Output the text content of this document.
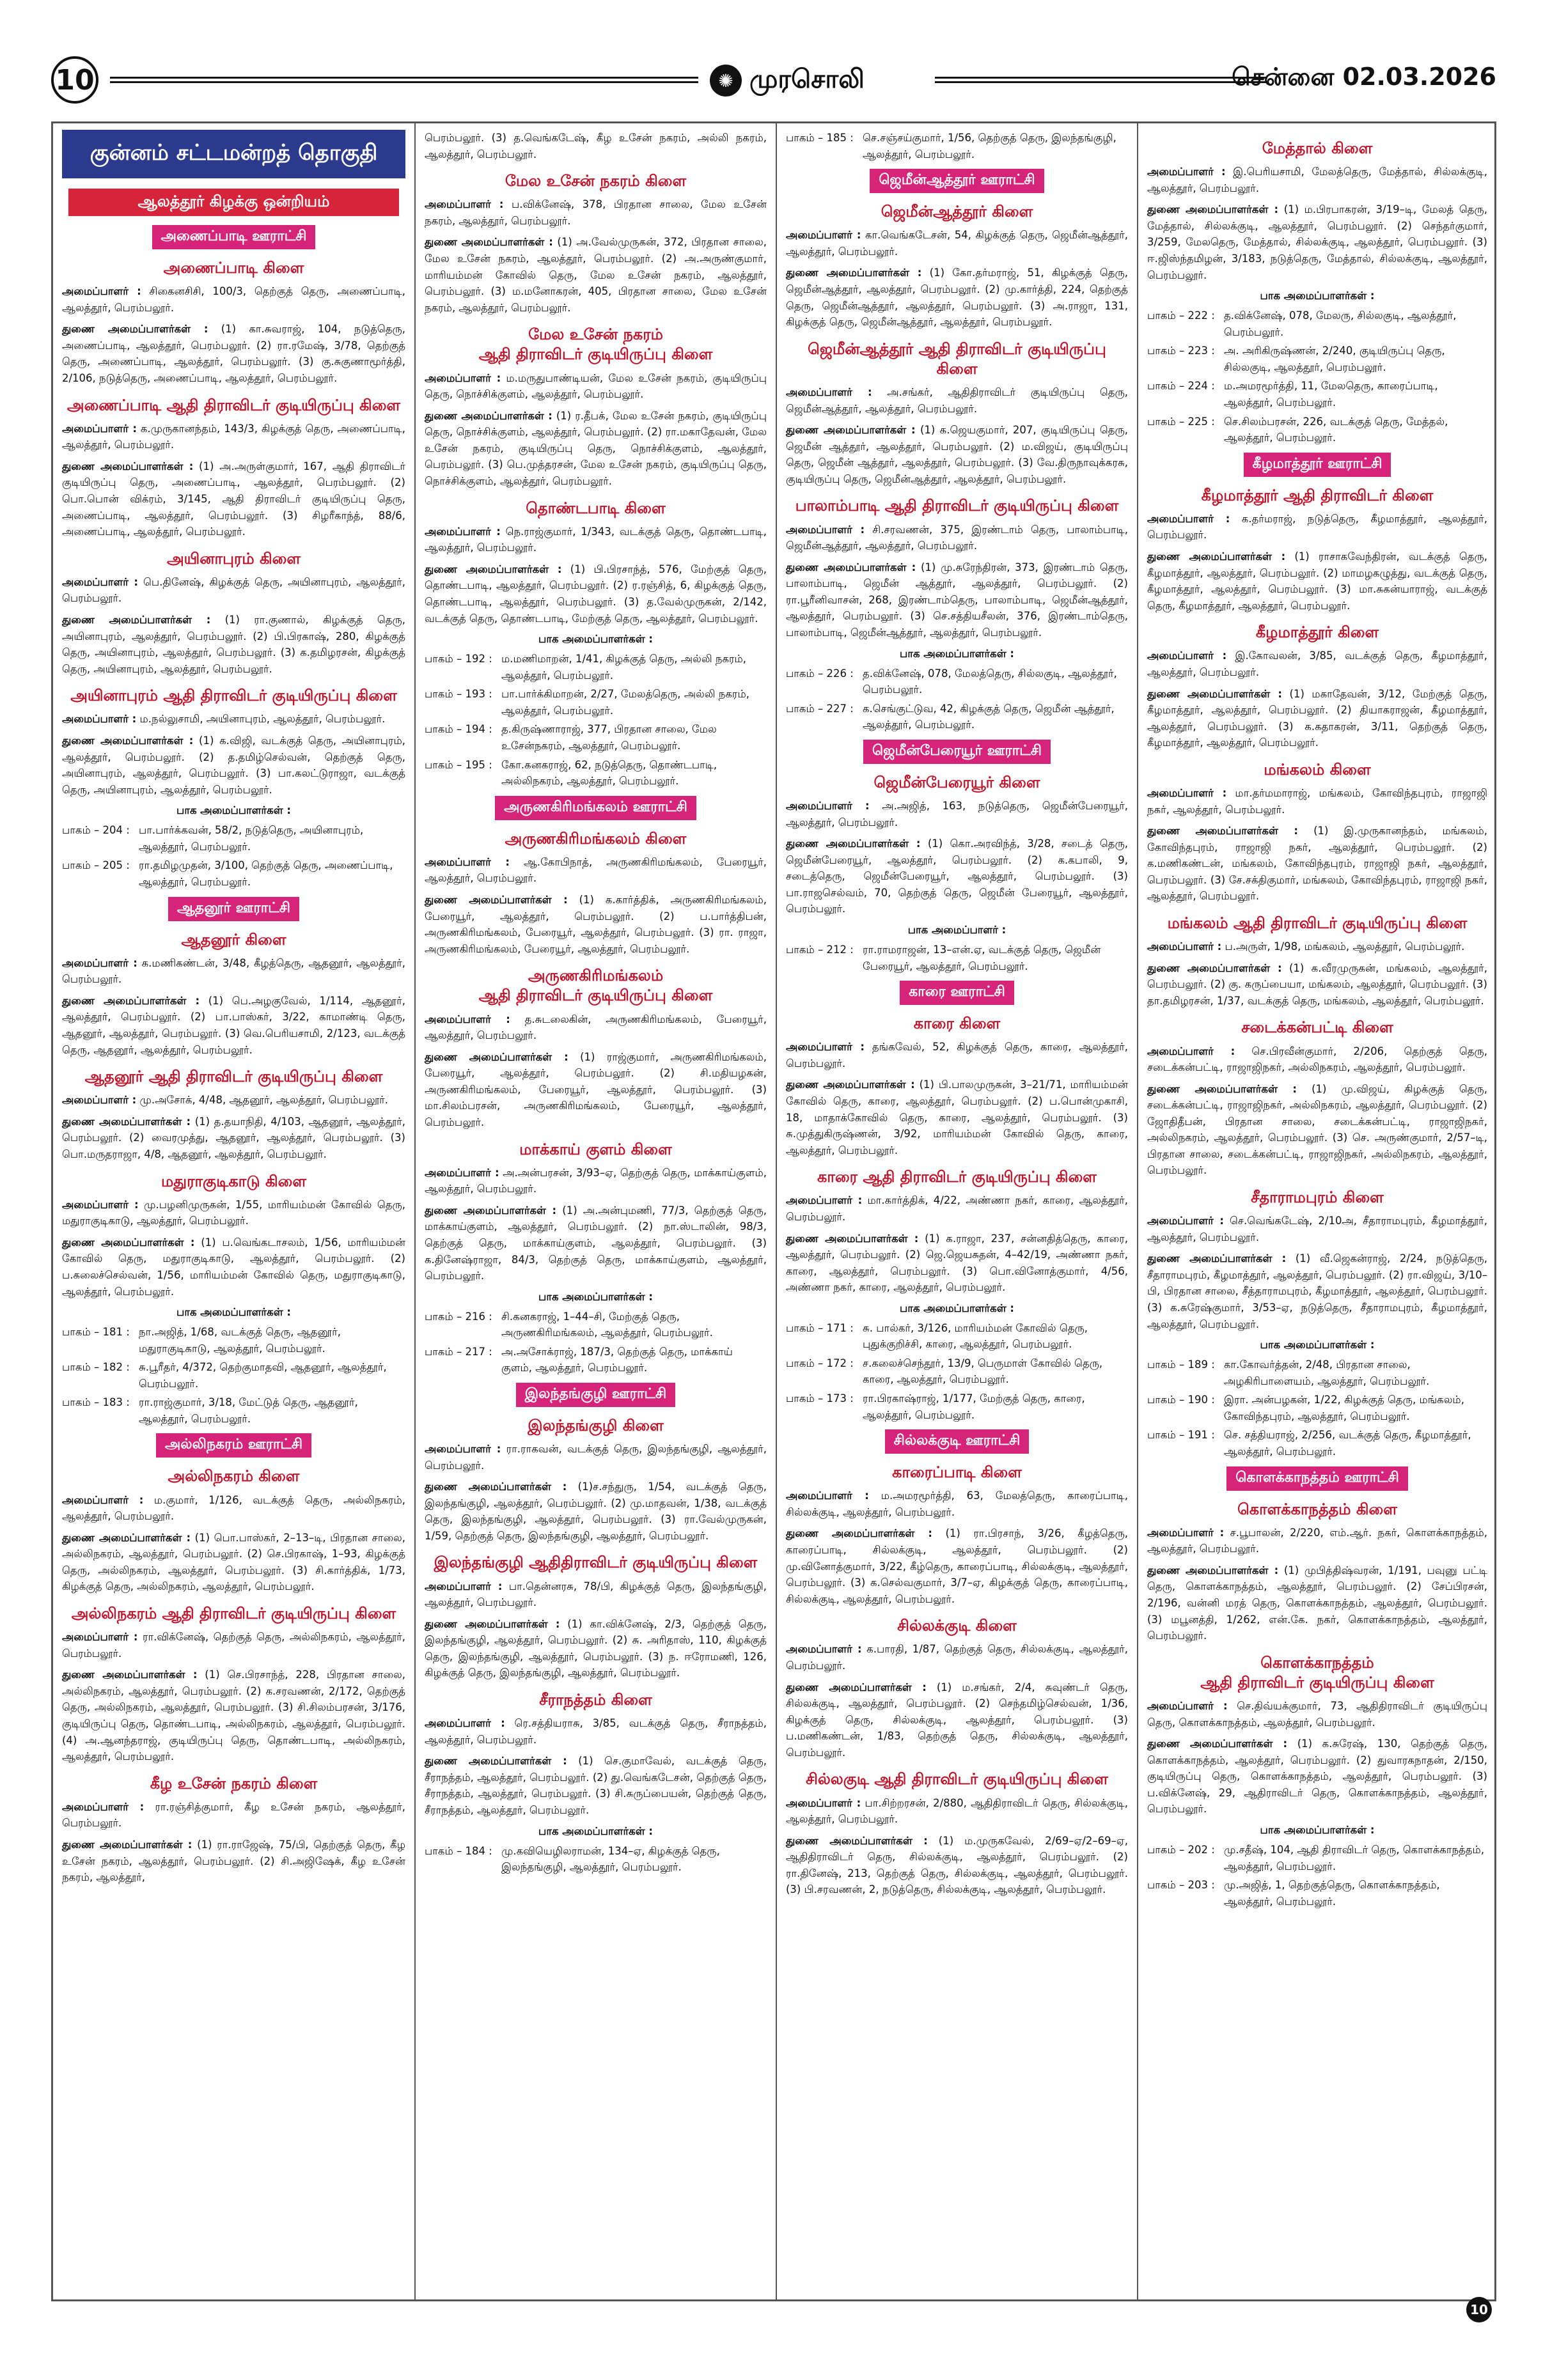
10	✺ முரசொலி	சென்னை 02.03.2026
குன்னம் சட்டமன்றத் தொகுதி
ஆலத்தூர் கிழக்கு ஒன்றியம்
அணைப்பாடி ஊராட்சி
அணைப்பாடி கிளை

அமைப்பாளர் : சிகைனசிசி, 100/3, தெற்குத் தெரு, அணைப்பாடி, ஆலத்தூர், பெரம்பலூர்.

துணை அமைப்பாளர்கள் : (1) கா.சுவராஜ், 104, நடுத்தெரு, அணைப்பாடி, ஆலத்தூர், பெரம்பலூர். (2) ரா.ரமேஷ், 3/78, தெற்குத் தெரு, அணைப்பாடி, ஆலத்தூர், பெரம்பலூர். (3) கு.சுகுணாமூர்த்தி, 2/106, நடுத்தெரு, அணைப்பாடி, ஆலத்தூர், பெரம்பலூர்.

அணைப்பாடி ஆதி திராவிடர் குடியிருப்பு கிளை

அமைப்பாளர் : க.முருகானந்தம், 143/3, கிழக்குத் தெரு, அணைப்பாடி, ஆலத்தூர், பெரம்பலூர்.

துணை அமைப்பாளர்கள் : (1) அ.அருள்குமார், 167, ஆதி திராவிடர் குடியிருப்பு தெரு, அணைப்பாடி, ஆலத்தூர், பெரம்பலூர். (2) பொ.பொன் விக்ரம், 3/145, ஆதி திராவிடர் குடியிருப்பு தெரு, அணைப்பாடி, ஆலத்தூர், பெரம்பலூர். (3) சிழரீகாந்த், 88/6, அணைப்பாடி, ஆலத்தூர், பெரம்பலூர்.

அயினாபுரம் கிளை

அமைப்பாளர் : பெ.தினேஷ், கிழக்குத் தெரு, அயினாபுரம், ஆலத்தூர், பெரம்பலூர்.

துணை அமைப்பாளர்கள் : (1) ரா.குணால், கிழக்குத் தெரு, அயினாபுரம், ஆலத்தூர், பெரம்பலூர். (2) பி.பிரகாஷ், 280, கிழக்குத் தெரு, அயினாபுரம், ஆலத்தூர், பெரம்பலூர். (3) க.தமிழரசன், கிழக்குத் தெரு, அயினாபுரம், ஆலத்தூர், பெரம்பலூர்.

அயினாபுரம் ஆதி திராவிடர் குடியிருப்பு கிளை

அமைப்பாளர் : ம.நல்லுசாமி, அயினாபுரம், ஆலத்தூர், பெரம்பலூர்.

துணை அமைப்பாளர்கள் : (1) க.விஜி, வடக்குத் தெரு, அயினாபுரம், ஆலத்தூர், பெரம்பலூர். (2) த.தமிழ்செல்வன், தெற்குத் தெரு, அயினாபுரம், ஆலத்தூர், பெரம்பலூர். (3) பா.கலட்டுராஜா, வடக்குத் தெரு, அயினாபுரம், ஆலத்தூர், பெரம்பலூர்.

பாக அமைப்பாளர்கள் :
பாகம் – 204 : பா.பார்க்கவன், 58/2, நடுத்தெரு, அயினாபுரம், ஆலத்தூர், பெரம்பலூர்.
பாகம் – 205 : ரா.தமிழமுதன், 3/100, தெற்குத் தெரு, அணைப்பாடி, ஆலத்தூர், பெரம்பலூர்.
ஆதனூர் ஊராட்சி
ஆதனூர் கிளை

அமைப்பாளர் : க.மணிகண்டன், 3/48, கீழத்தெரு, ஆதனூர், ஆலத்தூர், பெரம்பலூர்.

துணை அமைப்பாளர்கள் : (1) பெ.அழகுவேல், 1/114, ஆதனூர், ஆலத்தூர், பெரம்பலூர். (2) பா.பாஸ்கர், 3/22, காமாண்டி தெரு, ஆதனூர், ஆலத்தூர், பெரம்பலூர். (3) வெ.பெரியசாமி, 2/123, வடக்குத் தெரு, ஆதனூர், ஆலத்தூர், பெரம்பலூர்.

ஆதனூர் ஆதி திராவிடர் குடியிருப்பு கிளை

அமைப்பாளர் : மு.அசோக், 4/48, ஆதனூர், ஆலத்தூர், பெரம்பலூர்.

துணை அமைப்பாளர்கள் : (1) த.தயாநிதி, 4/103, ஆதனூர், ஆலத்தூர், பெரம்பலூர். (2) வைரமுத்து, ஆதனூர், ஆலத்தூர், பெரம்பலூர். (3) பொ.மருதராஜா, 4/8, ஆதனூர், ஆலத்தூர், பெரம்பலூர்.

மதுராகுடிகாடு கிளை

அமைப்பாளர் : மு.பழனிமுருகன், 1/55, மாரியம்மன் கோவில் தெரு, மதுராகுடிகாடு, ஆலத்தூர், பெரம்பலூர்.

துணை அமைப்பாளர்கள் : (1) ப.வெங்கடாசலம், 1/56, மாரியம்மன் கோவில் தெரு, மதுராகுடிகாடு, ஆலத்தூர், பெரம்பலூர். (2) ப.கலைச்செல்வன், 1/56, மாரியம்மன் கோவில் தெரு, மதுராகுடிகாடு, ஆலத்தூர், பெரம்பலூர்.

பாக அமைப்பாளர்கள் :
பாகம் – 181 : நா.அஜித், 1/68, வடக்குத் தெரு, ஆதனூர், மதுராகுடிகாடு, ஆலத்தூர், பெரம்பலூர்.
பாகம் – 182 : சு.பூரீதர், 4/372, தெற்குமாதவி, ஆதனூர், ஆலத்தூர், பெரம்பலூர்.
பாகம் – 183 : ரா.ராஜ்குமார், 3/18, மேட்டுத் தெரு, ஆதனூர், ஆலத்தூர், பெரம்பலூர்.
அல்லிநகரம் ஊராட்சி
அல்லிநகரம் கிளை

அமைப்பாளர் : ம.குமார், 1/126, வடக்குத் தெரு, அல்லிநகரம், ஆலத்தூர், பெரம்பலூர்.

துணை அமைப்பாளர்கள் : (1) பொ.பாஸ்கர், 2–13–டி, பிரதான சாலை, அல்லிநகரம், ஆலத்தூர், பெரம்பலூர். (2) செ.பிரகாஷ், 1–93, கிழக்குத் தெரு, அல்லிநகரம், ஆலத்தூர், பெரம்பலூர். (3) சி.கார்த்திக், 1/73, கிழக்குத் தெரு, அல்லிநகரம், ஆலத்தூர், பெரம்பலூர்.

அல்லிநகரம் ஆதி திராவிடர் குடியிருப்பு கிளை

அமைப்பாளர் : ரா.விக்னேஷ், தெற்குத் தெரு, அல்லிநகரம், ஆலத்தூர், பெரம்பலூர்.

துணை அமைப்பாளர்கள் : (1) செ.பிரசாந்த், 228, பிரதான சாலை, அல்லிநகரம், ஆலத்தூர், பெரம்பலூர். (2) க.சரவணன், 2/172, தெற்குத் தெரு, அல்லிநகரம், ஆலத்தூர், பெரம்பலூர். (3) சி.சிலம்பரசன், 3/176, குடியிருப்பு தெரு, தொண்டபாடி, அல்லிநகரம், ஆலத்தூர், பெரம்பலூர். (4) அ.ஆனந்தராஜ், குடியிருப்பு தெரு, தொண்டபாடி, அல்லிநகரம், ஆலத்தூர், பெரம்பலூர்.

கீழ உசேன் நகரம் கிளை

அமைப்பாளர் : ரா.ரஞ்சித்குமார், கீழ உசேன் நகரம், ஆலத்தூர், பெரம்பலூர்.

துணை அமைப்பாளர்கள் : (1) ரா.ராஜேஷ், 75/பி, தெற்குத் தெரு, கீழ உசேன் நகரம், ஆலத்தூர், பெரம்பலூர். (2) சி.அஜிஷேக், கீழ உசேன் நகரம், ஆலத்தூர்,

பெரம்பலூர். (3) த.வெங்கடேஷ், கீழ உசேன் நகரம், அல்லி நகரம், ஆலத்தூர், பெரம்பலூர்.

மேல உசேன் நகரம் கிளை

அமைப்பாளர் : ப.விக்னேஷ், 378, பிரதான சாலை, மேல உசேன் நகரம், ஆலத்தூர், பெரம்பலூர்.

துணை அமைப்பாளர்கள் : (1) அ.வேல்முருகன், 372, பிரதான சாலை, மேல உசேன் நகரம், ஆலத்தூர், பெரம்பலூர். (2) அ.அருண்குமார், மாரியம்மன் கோவில் தெரு, மேல உசேன் நகரம், ஆலத்தூர், பெரம்பலூர். (3) ம.மனோகரன், 405, பிரதான சாலை, மேல உசேன் நகரம், ஆலத்தூர், பெரம்பலூர்.

மேல உசேன் நகரம்
ஆதி திராவிடர் குடியிருப்பு கிளை

அமைப்பாளர் : ம.மருதுபாண்டியன், மேல உசேன் நகரம், குடியிருப்பு தெரு, நொச்சிக்குளம், ஆலத்தூர், பெரம்பலூர்.

துணை அமைப்பாளர்கள் : (1) ர.தீபக், மேல உசேன் நகரம், குடியிருப்பு தெரு, நொச்சிக்குளம், ஆலத்தூர், பெரம்பலூர். (2) ரா.மகாதேவன், மேல உசேன் நகரம், குடியிருப்பு தெரு, நொச்சிக்குளம், ஆலத்தூர், பெரம்பலூர். (3) பெ.முத்தரசன், மேல உசேன் நகரம், குடியிருப்பு தெரு, நொச்சிக்குளம், ஆலத்தூர், பெரம்பலூர்.

தொண்டபாடி கிளை

அமைப்பாளர் : நெ.ராஜ்குமார், 1/343, வடக்குத் தெரு, தொண்டபாடி, ஆலத்தூர், பெரம்பலூர்.

துணை அமைப்பாளர்கள் : (1) பி.பிரசாந்த், 576, மேற்குத் தெரு, தொண்டபாடி, ஆலத்தூர், பெரம்பலூர். (2) ர.ரஞ்சித், 6, கிழக்குத் தெரு, தொண்டபாடி, ஆலத்தூர், பெரம்பலூர். (3) த.வேல்முருகன், 2/142, வடக்குத் தெரு, தொண்டபாடி, மேற்குத் தெரு, ஆலத்தூர், பெரம்பலூர்.

பாக அமைப்பாளர்கள் :
பாகம் – 192 : ம.மணிமாறன், 1/41, கிழக்குத் தெரு, அல்லி நகரம், ஆலத்தூர், பெரம்பலூர்.
பாகம் – 193 : பா.பார்க்கிமாறன், 2/27, மேலத்தெரு, அல்லி நகரம், ஆலத்தூர், பெரம்பலூர்.
பாகம் – 194 : த.கிருஷ்ணாராஜ், 377, பிரதான சாலை, மேல உசேன்நகரம், ஆலத்தூர், பெரம்பலூர்.
பாகம் – 195 : கோ.கனகராஜ், 62, நடுத்தெரு, தொண்டபாடி, அல்லிநகரம், ஆலத்தூர், பெரம்பலூர்.
அருணகிரிமங்கலம் ஊராட்சி
அருணகிரிமங்கலம் கிளை

அமைப்பாளர் : ஆ.கோபிநாத், அருணகிரிமங்கலம், பேரையூர், ஆலத்தூர், பெரம்பலூர்.

துணை அமைப்பாளர்கள் : (1) க.கார்த்திக், அருணகிரிமங்கலம், பேரையூர், ஆலத்தூர், பெரம்பலூர். (2) ப.பார்த்திபன், அருணகிரிமங்கலம், பேரையூர், ஆலத்தூர், பெரம்பலூர். (3) ரா. ராஜா, அருணகிரிமங்கலம், பேரையூர், ஆலத்தூர், பெரம்பலூர்.

அருணகிரிமங்கலம்
ஆதி திராவிடர் குடியிருப்பு கிளை

அமைப்பாளர் : த.சுடலைகின், அருணகிரிமங்கலம், பேரையூர், ஆலத்தூர், பெரம்பலூர்.

துணை அமைப்பாளர்கள் : (1) ராஜ்குமார், அருணகிரிமங்கலம், பேரையூர், ஆலத்தூர், பெரம்பலூர். (2) சி.மதியழகன், அருணகிரிமங்கலம், பேரையூர், ஆலத்தூர், பெரம்பலூர். (3) மா.சிலம்பரசன், அருணகிரிமங்கலம், பேரையூர், ஆலத்தூர், பெரம்பலூர்.

மாக்காய் குளம் கிளை

அமைப்பாளர் : அ.அன்பரசன், 3/93–ஏ, தெற்குத் தெரு, மாக்காய்குளம், ஆலத்தூர், பெரம்பலூர்.

துணை அமைப்பாளர்கள் : (1) அ.அன்புமணி, 77/3, தெற்குத் தெரு, மாக்காய்குளம், ஆலத்தூர், பெரம்பலூர். (2) நா.ஸ்டாலின், 98/3, தெற்குத் தெரு, மாக்காய்குளம், ஆலத்தூர், பெரம்பலூர். (3) க.தினேஷ்ராஜா, 84/3, தெற்குத் தெரு, மாக்காய்குளம், ஆலத்தூர், பெரம்பலூர்.

பாக அமைப்பாளர்கள் :
பாகம் – 216 : சி.கனகராஜ், 1–44–சி, மேற்குத் தெரு, அருணகிரிமங்கலம், ஆலத்தூர், பெரம்பலூர்.
பாகம் – 217 : அ.அசோக்ராஜ், 187/3, தெற்குத் தெரு, மாக்காய் குளம், ஆலத்தூர், பெரம்பலூர்.
இலந்தங்குழி ஊராட்சி
இலந்தங்குழி கிளை

அமைப்பாளர் : ரா.ராகவன், வடக்குத் தெரு, இலந்தங்குழி, ஆலத்தூர், பெரம்பலூர்.

துணை அமைப்பாளர்கள் : (1)ச.சந்துரு, 1/54, வடக்குத் தெரு, இலந்தங்குழி, ஆலத்தூர், பெரம்பலூர். (2) மு.மாதவன், 1/38, வடக்குத் தெரு, இலந்தங்குழி, ஆலத்தூர், பெரம்பலூர். (3) ரா.வேல்முருகன், 1/59, தெற்குத் தெரு, இலந்தங்குழி, ஆலத்தூர், பெரம்பலூர்.

இலந்தங்குழி ஆதிதிராவிடர் குடியிருப்பு கிளை

அமைப்பாளர் : பா.தென்னரசு, 78/பி, கிழக்குத் தெரு, இலந்தங்குழி, ஆலத்தூர், பெரம்பலூர்.

துணை அமைப்பாளர்கள் : (1) கா.விக்னேஷ், 2/3, தெற்குத் தெரு, இலந்தங்குழி, ஆலத்தூர், பெரம்பலூர். (2) சு. அரிதாஸ், 110, கிழக்குத் தெரு, இலந்தங்குழி, ஆலத்தூர், பெரம்பலூர். (3) ந. ஈரோமணி, 126, கிழக்குத் தெரு, இலந்தங்குழி, ஆலத்தூர், பெரம்பலூர்.

சீராநத்தம் கிளை

அமைப்பாளர் : ரெ.சத்தியராசு, 3/85, வடக்குத் தெரு, சீராநத்தம், ஆலத்தூர், பெரம்பலூர்.

துணை அமைப்பாளர்கள் : (1) செ.குமாவேல், வடக்குத் தெரு, சீராநத்தம், ஆலத்தூர், பெரம்பலூர். (2) து.வெங்கடேசன், தெற்குத் தெரு, சீராநத்தம், ஆலத்தூர், பெரம்பலூர். (3) சி.சுருப்பையன், தெற்குத் தெரு, சீராநத்தம், ஆலத்தூர், பெரம்பலூர்.

பாக அமைப்பாளர்கள் :
பாகம் – 184 : மு.கவியெழிலராமன், 134–ஏ, கிழக்குத் தெரு, இலந்தங்குழி, ஆலத்தூர், பெரம்பலூர்.
பாகம் – 185 : செ.சஞ்சய்குமார், 1/56, தெற்குத் தெரு, இலந்தங்குழி, ஆலத்தூர், பெரம்பலூர்.
ஜெமீன்ஆத்தூர் ஊராட்சி
ஜெமீன்ஆத்தூர் கிளை

அமைப்பாளர் : கா.வெங்கடேசன், 54, கிழக்குத் தெரு, ஜெமீன்ஆத்தூர், ஆலத்தூர், பெரம்பலூர்.

துணை அமைப்பாளர்கள் : (1) கோ.தர்மராஜ், 51, கிழக்குத் தெரு, ஜெமீன்ஆத்தூர், ஆலத்தூர், பெரம்பலூர். (2) மு.கார்த்தி, 224, தெற்குத் தெரு, ஜெமீன்ஆத்தூர், ஆலத்தூர், பெரம்பலூர். (3) அ.ராஜா, 131, கிழக்குத் தெரு, ஜெமீன்ஆத்தூர், ஆலத்தூர், பெரம்பலூர்.

ஜெமீன்ஆத்தூர் ஆதி திராவிடர் குடியிருப்பு கிளை

அமைப்பாளர் : அ.சங்கர், ஆதிதிராவிடர் குடியிருப்பு தெரு, ஜெமீன்ஆத்தூர், ஆலத்தூர், பெரம்பலூர்.

துணை அமைப்பாளர்கள் : (1) க.ஜெயகுமார், 207, குடியிருப்பு தெரு, ஜெமீன் ஆத்தூர், ஆலத்தூர், பெரம்பலூர். (2) ம.விஜய், குடியிருப்பு தெரு, ஜெமீன் ஆத்தூர், ஆலத்தூர், பெரம்பலூர். (3) வே.திருநாவுக்கரசு, குடியிருப்பு தெரு, ஜெமீன்ஆத்தூர், ஆலத்தூர், பெரம்பலூர்.

பாலாம்பாடி ஆதி திராவிடர் குடியிருப்பு கிளை

அமைப்பாளர் : சி.சரவணன், 375, இரண்டாம் தெரு, பாலாம்பாடி, ஜெமீன்ஆத்தூர், ஆலத்தூர், பெரம்பலூர்.

துணை அமைப்பாளர்கள் : (1) மு.சுரேந்திரன், 373, இரண்டாம் தெரு, பாலாம்பாடி, ஜெமீன் ஆத்தூர், ஆலத்தூர், பெரம்பலூர். (2) ரா.பூரீனிவாசன், 268, இரண்டாம்தெரு, பாலாம்பாடி, ஜெமீன்ஆத்தூர், ஆலத்தூர், பெரம்பலூர். (3) செ.சத்தியசீலன், 376, இரண்டாம்தெரு, பாலாம்பாடி, ஜெமீன்ஆத்தூர், ஆலத்தூர், பெரம்பலூர்.

பாக அமைப்பாளர்கள் :
பாகம் – 226 : த.விக்னேஷ், 078, மேலத்தெரு, சில்லகுடி, ஆலத்தூர், பெரம்பலூர்.
பாகம் – 227 : க.செங்குட்டுவ, 42, கிழக்குத் தெரு, ஜெமீன் ஆத்தூர், ஆலத்தூர், பெரம்பலூர்.
ஜெமீன்பேரையூர் ஊராட்சி
ஜெமீன்பேரையூர் கிளை

அமைப்பாளர் : அ.அஜித், 163, நடுத்தெரு, ஜெமீன்பேரையூர், ஆலத்தூர், பெரம்பலூர்.

துணை அமைப்பாளர்கள் : (1) கொ.அரவிந்த், 3/28, சடைத் தெரு, ஜெமீன்பேரையூர், ஆலத்தூர், பெரம்பலூர். (2) க.கபாலி, 9, சடைத்தெரு, ஜெமீன்பேரையூர், ஆலத்தூர், பெரம்பலூர். (3) பா.ராஜசெல்வம், 70, தெற்குத் தெரு, ஜெமீன் பேரையூர், ஆலத்தூர், பெரம்பலூர்.

பாக அமைப்பாளர் :
பாகம் – 212 : ரா.ராமராஜன், 13–என்.ஏ, வடக்குத் தெரு, ஜெமீன் பேரையூர், ஆலத்தூர், பெரம்பலூர்.
காரை ஊராட்சி
காரை கிளை

அமைப்பாளர் : தங்கவேல், 52, கிழக்குத் தெரு, காரை, ஆலத்தூர், பெரம்பலூர்.

துணை அமைப்பாளர்கள் : (1) பி.பாலமுருகன், 3–21/71, மாரியம்மன் கோவில் தெரு, காரை, ஆலத்தூர், பெரம்பலூர். (2) ப.பொன்முகாசி, 18, மாதாக்கோவில் தெரு, காரை, ஆலத்தூர், பெரம்பலூர். (3) சு.முத்துகிருஷ்ணன், 3/92, மாரியம்மன் கோவில் தெரு, காரை, ஆலத்தூர், பெரம்பலூர்.

காரை ஆதி திராவிடர் குடியிருப்பு கிளை

அமைப்பாளர் : மா.கார்த்திக், 4/22, அண்ணா நகர், காரை, ஆலத்தூர், பெரம்பலூர்.

துணை அமைப்பாளர்கள் : (1) க.ராஜா, 237, சன்னதித்தெரு, காரை, ஆலத்தூர், பெரம்பலூர். (2) ஜெ.ஜெயசுதன், 4–42/19, அண்ணா நகர், காரை, ஆலத்தூர், பெரம்பலூர். (3) பொ.வினோத்குமார், 4/56, அண்ணா நகர், காரை, ஆலத்தூர், பெரம்பலூர்.

பாக அமைப்பாளர்கள் :
பாகம் – 171 : சு. பால்கர், 3/126, மாரியம்மன் கோவில் தெரு, புதுக்குறிச்சி, காரை, ஆலத்தூர், பெரம்பலூர்.
பாகம் – 172 : ச.கலைச்செந்தூர், 13/9, பெருமாள் கோவில் தெரு, காரை, ஆலத்தூர், பெரம்பலூர்.
பாகம் – 173 : ரா.பிரகாஷ்ராஜ், 1/177, மேற்குத் தெரு, காரை, ஆலத்தூர், பெரம்பலூர்.
சில்லக்குடி ஊராட்சி
காரைப்பாடி கிளை

அமைப்பாளர் : ம.அமரமூர்த்தி, 63, மேலத்தெரு, காரைப்பாடி, சில்லக்குடி, ஆலத்தூர், பெரம்பலூர்.

துணை அமைப்பாளர்கள் : (1) ரா.பிரசாந், 3/26, கீழத்தெரு, காரைப்பாடி, சில்லக்குடி, ஆலத்தூர், பெரம்பலூர். (2) மு.வினோத்குமார், 3/22, கீழ்தெரு, காரைப்பாடி, சில்லக்குடி, ஆலத்தூர், பெரம்பலூர். (3) க.செல்வகுமார், 3/7–ஏ, கிழக்குத் தெரு, காரைப்பாடி, சில்லக்குடி, ஆலத்தூர், பெரம்பலூர்.

சில்லக்குடி கிளை

அமைப்பாளர் : க.பாரதி, 1/87, தெற்குத் தெரு, சில்லக்குடி, ஆலத்தூர், பெரம்பலூர்.

துணை அமைப்பாளர்கள் : (1) ம.சங்கர், 2/4, சுவுண்டர் தெரு, சில்லக்குடி, ஆலத்தூர், பெரம்பலூர். (2) செந்தமிழ்செல்வன், 1/36, கிழக்குத் தெரு, சில்லக்குடி, ஆலத்தூர், பெரம்பலூர். (3) ப.மணிகண்டன், 1/83, தெற்குத் தெரு, சில்லக்குடி, ஆலத்தூர், பெரம்பலூர்.

சில்லகுடி ஆதி திராவிடர் குடியிருப்பு கிளை

அமைப்பாளர் : பா.சிற்றரசன், 2/880, ஆதிதிராவிடர் தெரு, சில்லக்குடி, ஆலத்தூர், பெரம்பலூர்.

துணை அமைப்பாளர்கள் : (1) ம.முருகவேல், 2/69–ஏ/2–69–ஏ, ஆதிதிராவிடர் தெரு, சில்லக்குடி, ஆலத்தூர், பெரம்பலூர். (2) ரா.தினேஷ், 213, தெற்குத் தெரு, சில்லக்குடி, ஆலத்தூர், பெரம்பலூர். (3) பி.சரவணன், 2, நடுத்தெரு, சில்லக்குடி, ஆலத்தூர், பெரம்பலூர்.

மேத்தால் கிளை

அமைப்பாளர் : இ.பெரியசாமி, மேலத்தெரு, மேத்தால், சில்லக்குடி, ஆலத்தூர், பெரம்பலூர்.

துணை அமைப்பாளர்கள் : (1) ம.பிரபாகரன், 3/19–டி, மேலத் தெரு, மேத்தால், சில்லக்குடி, ஆலத்தூர், பெரம்பலூர். (2) செந்தர்குமார், 3/259, மேலதெரு, மேத்தால், சில்லக்குடி, ஆலத்தூர், பெரம்பலூர். (3) ஈ.ஜிஸ்ந்தமிழன், 3/183, நடுத்தெரு, மேத்தால், சில்லக்குடி, ஆலத்தூர், பெரம்பலூர்.

பாக அமைப்பாளர்கள் :
பாகம் – 222 : த.விக்னேஷ், 078, மேலரு, சில்லகுடி, ஆலத்தூர், பெரம்பலூர்.
பாகம் – 223 : அ. அரிகிருஷ்ணன், 2/240, குடியிருப்பு தெரு, சில்லகுடி, ஆலத்தூர், பெரம்பலூர்.
பாகம் – 224 : ம.அமரமூர்த்தி, 11, மேலதெரு, காரைப்பாடி, ஆலத்தூர், பெரம்பலூர்.
பாகம் – 225 : செ.சிலம்பரசன், 226, வடக்குத் தெரு, மேத்தல், ஆலத்தூர், பெரம்பலூர்.
கீழமாத்தூர் ஊராட்சி
கீழமாத்தூர் ஆதி திராவிடர் கிளை

அமைப்பாளர் : க.தர்மராஜ், நடுத்தெரு, கீழமாத்தூர், ஆலத்தூர், பெரம்பலூர்.

துணை அமைப்பாளர்கள் : (1) ராசாகவேந்திரன், வடக்குத் தெரு, கீழமாத்தூர், ஆலத்தூர், பெரம்பலூர். (2) மாமழகழுத்து, வடக்குத் தெரு, கீழமாத்தூர், ஆலத்தூர், பெரம்பலூர். (3) மா.சுகன்யாராஜ், வடக்குத் தெரு, கீழமாத்தூர், ஆலத்தூர், பெரம்பலூர்.

கீழமாத்தூர் கிளை

அமைப்பாளர் : இ.கோவலன், 3/85, வடக்குத் தெரு, கீழமாத்தூர், ஆலத்தூர், பெரம்பலூர்.

துணை அமைப்பாளர்கள் : (1) மகாதேவன், 3/12, மேற்குத் தெரு, கீழமாத்தூர், ஆலத்தூர், பெரம்பலூர். (2) தியாகராஜன், கீழமாத்தூர், ஆலத்தூர், பெரம்பலூர். (3) க.கதாகரன், 3/11, தெற்குத் தெரு, கீழமாத்தூர், ஆலத்தூர், பெரம்பலூர்.

மங்கலம் கிளை

அமைப்பாளர் : மா.தர்மமாராஜ், மங்கலம், கோவிந்தபுரம், ராஜாஜி நகர், ஆலத்தூர், பெரம்பலூர்.

துணை அமைப்பாளர்கள் : (1) இ.முருகானந்தம், மங்கலம், கோவிந்தபுரம், ராஜாஜி நகர், ஆலத்தூர், பெரம்பலூர். (2) க.மணிகண்டன், மங்கலம், கோவிந்தபுரம், ராஜாஜி நகர், ஆலத்தூர், பெரம்பலூர். (3) சே.சக்திகுமார், மங்கலம், கோவிந்தபுரம், ராஜாஜி நகர், ஆலத்தூர், பெரம்பலூர்.

மங்கலம் ஆதி திராவிடர் குடியிருப்பு கிளை

அமைப்பாளர் : ப.அருள், 1/98, மங்கலம், ஆலத்தூர், பெரம்பலூர்.

துணை அமைப்பாளர்கள் : (1) க.வீரமுருகன், மங்கலம், ஆலத்தூர், பெரம்பலூர். (2) கு. கருப்பையா, மங்கலம், ஆலத்தூர், பெரம்பலூர். (3) தா.தமிழரசன், 1/37, வடக்குத் தெரு, மங்கலம், ஆலத்தூர், பெரம்பலூர்.

சடைக்கன்பட்டி கிளை

அமைப்பாளர் : செ.பிரவீன்குமார், 2/206, தெற்குத் தெரு, சடைக்கன்பட்டி, ராஜாஜிநகர், அல்லிநகரம், ஆலத்தூர், பெரம்பலூர்.

துணை அமைப்பாளர்கள் : (1) மு.விஜய், கிழக்குத் தெரு, சடைக்கன்பட்டி, ராஜாஜிநகர், அல்லிநகரம், ஆலத்தூர், பெரம்பலூர். (2) ஜோதிதீபன், பிரதான சாலை, சடைக்கன்பட்டி, ராஜாஜிநகர், அல்லிநகரம், ஆலத்தூர், பெரம்பலூர். (3) செ. அருண்குமார், 2/57–டி, பிரதான சாலை, சடைக்கன்பட்டி, ராஜாஜிநகர், அல்லிநகரம், ஆலத்தூர், பெரம்பலூர்.

சீதாராமபுரம் கிளை

அமைப்பாளர் : செ.வெங்கடேஷ், 2/10அ, சீதாராமபுரம், கீழமாத்தூர், ஆலத்தூர், பெரம்பலூர்.

துணை அமைப்பாளர்கள் : (1) வீ.ஜெகன்ராஜ், 2/24, நடுத்தெரு, சீதாராமபுரம், கீழமாத்தூர், ஆலத்தூர், பெரம்பலூர். (2) ரா.விஜய், 3/10–பி, பிரதான சாலை, சீத்தாராமபுரம், கீழமாத்தூர், ஆலத்தூர், பெரம்பலூர். (3) க.சுரேஷ்குமார், 3/53–ஏ, நடுத்தெரு, சீதாராமபுரம், கீழமாத்தூர், ஆலத்தூர், பெரம்பலூர்.

பாக அமைப்பாளர்கள் :
பாகம் – 189 : கா.கோவர்த்தன், 2/48, பிரதான சாலை, அழகிரிபாளையம், ஆலத்தூர், பெரம்பலூர்.
பாகம் – 190 : இரா. அன்பழகன், 1/22, கிழக்குத் தெரு, மங்கலம், கோவிந்தபுரம், ஆலத்தூர், பெரம்பலூர்.
பாகம் – 191 : செ. சத்தியராஜ், 2/256, வடக்குத் தெரு, கீழமாத்தூர், ஆலத்தூர், பெரம்பலூர்.
கொளக்காநத்தம் ஊராட்சி
கொளக்காநத்தம் கிளை

அமைப்பாளர் : ச.பூபாலன், 2/220, எம்.ஆர். நகர், கொளக்காநத்தம், ஆலத்தூர், பெரம்பலூர்.

துணை அமைப்பாளர்கள் : (1) முபித்திஷ்வரன், 1/191, பவுனு பட்டி தெரு, கொளக்காநத்தம், ஆலத்தூர், பெரம்பலூர். (2) சேப்பிரசன், 2/196, வன்னி மரத் தெரு, கொளக்காநத்தம், ஆலத்தூர், பெரம்பலூர். (3) மபூனத்தி, 1/262, என்.கே. நகர், கொளக்காநத்தம், ஆலத்தூர், பெரம்பலூர்.

கொளக்காநத்தம்
ஆதி திராவிடர் குடியிருப்பு கிளை

அமைப்பாளர் : செ.திவ்யக்குமார், 73, ஆதிதிராவிடர் குடியிருப்பு தெரு, கொளக்காநத்தம், ஆலத்தூர், பெரம்பலூர்.

துணை அமைப்பாளர்கள் : (1) க.சுரேஷ், 130, தெற்குத் தெரு, கொளக்காநத்தம், ஆலத்தூர், பெரம்பலூர். (2) துவாரகநாதன், 2/150, குடியிருப்பு தெரு, கொளக்காநத்தம், ஆலத்தூர், பெரம்பலூர். (3) ப.விக்னேஷ், 29, ஆதிராவிடர் தெரு, கொளக்காநத்தம், ஆலத்தூர், பெரம்பலூர்.

பாக அமைப்பாளர்கள் :
பாகம் – 202 : மு.சதீஷ், 104, ஆதி திராவிடர் தெரு, கொளக்காநத்தம், ஆலத்தூர், பெரம்பலூர்.
பாகம் – 203 : மு.அஜித், 1, தெற்குத்தெரு, கொளக்காநத்தம், ஆலத்தூர், பெரம்பலூர்.
10
